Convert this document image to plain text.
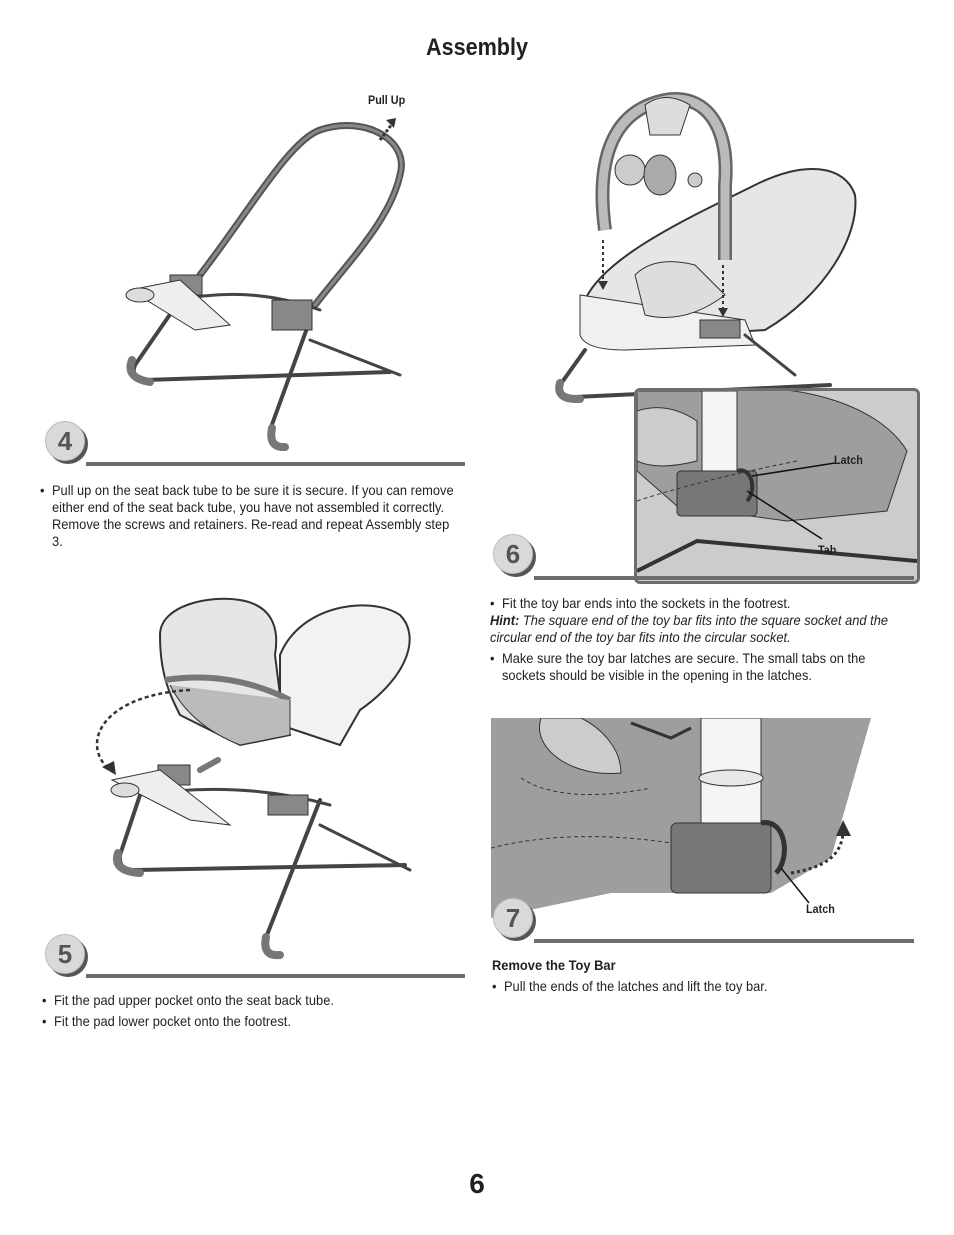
Assembly
Pull Up
4
• Pull up on the seat back tube to be sure it is secure. If you can remove either end of the seat back tube, you have not assembled it correctly. Remove the screws and retainers. Re-read and repeat Assembly step 3.
5
• Fit the pad upper pocket onto the seat back tube.
• Fit the pad lower pocket onto the footrest.
Latch
Tab
6
• Fit the toy bar ends into the sockets in the footrest.
Hint: The square end of the toy bar fits into the square socket and the circular end of the toy bar fits into the circular socket.
• Make sure the toy bar latches are secure. The small tabs on the sockets should be visible in the opening in the latches.
Latch
7
Remove the Toy Bar
• Pull the ends of the latches and lift the toy bar.
6
